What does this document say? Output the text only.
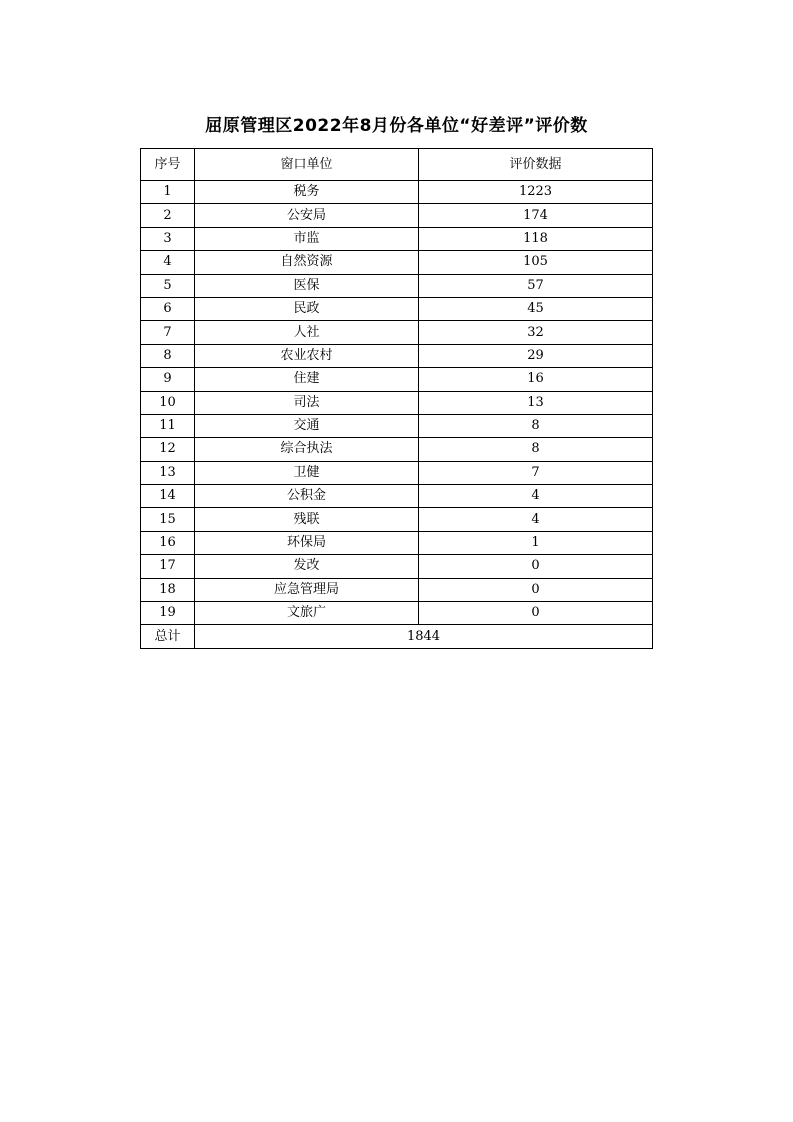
屈原管理区2022年8月份各单位“好差评”评价数
序号	窗口单位	评价数据
1	税务	1223
2	公安局	174
3	市监	118
4	自然资源	105
5	医保	57
6	民政	45
7	人社	32
8	农业农村	29
9	住建	16
10	司法	13
11	交通	8
12	综合执法	8
13	卫健	7
14	公积金	4
15	残联	4
16	环保局	1
17	发改	0
18	应急管理局	0
19	文旅广	0
总计	1844	
